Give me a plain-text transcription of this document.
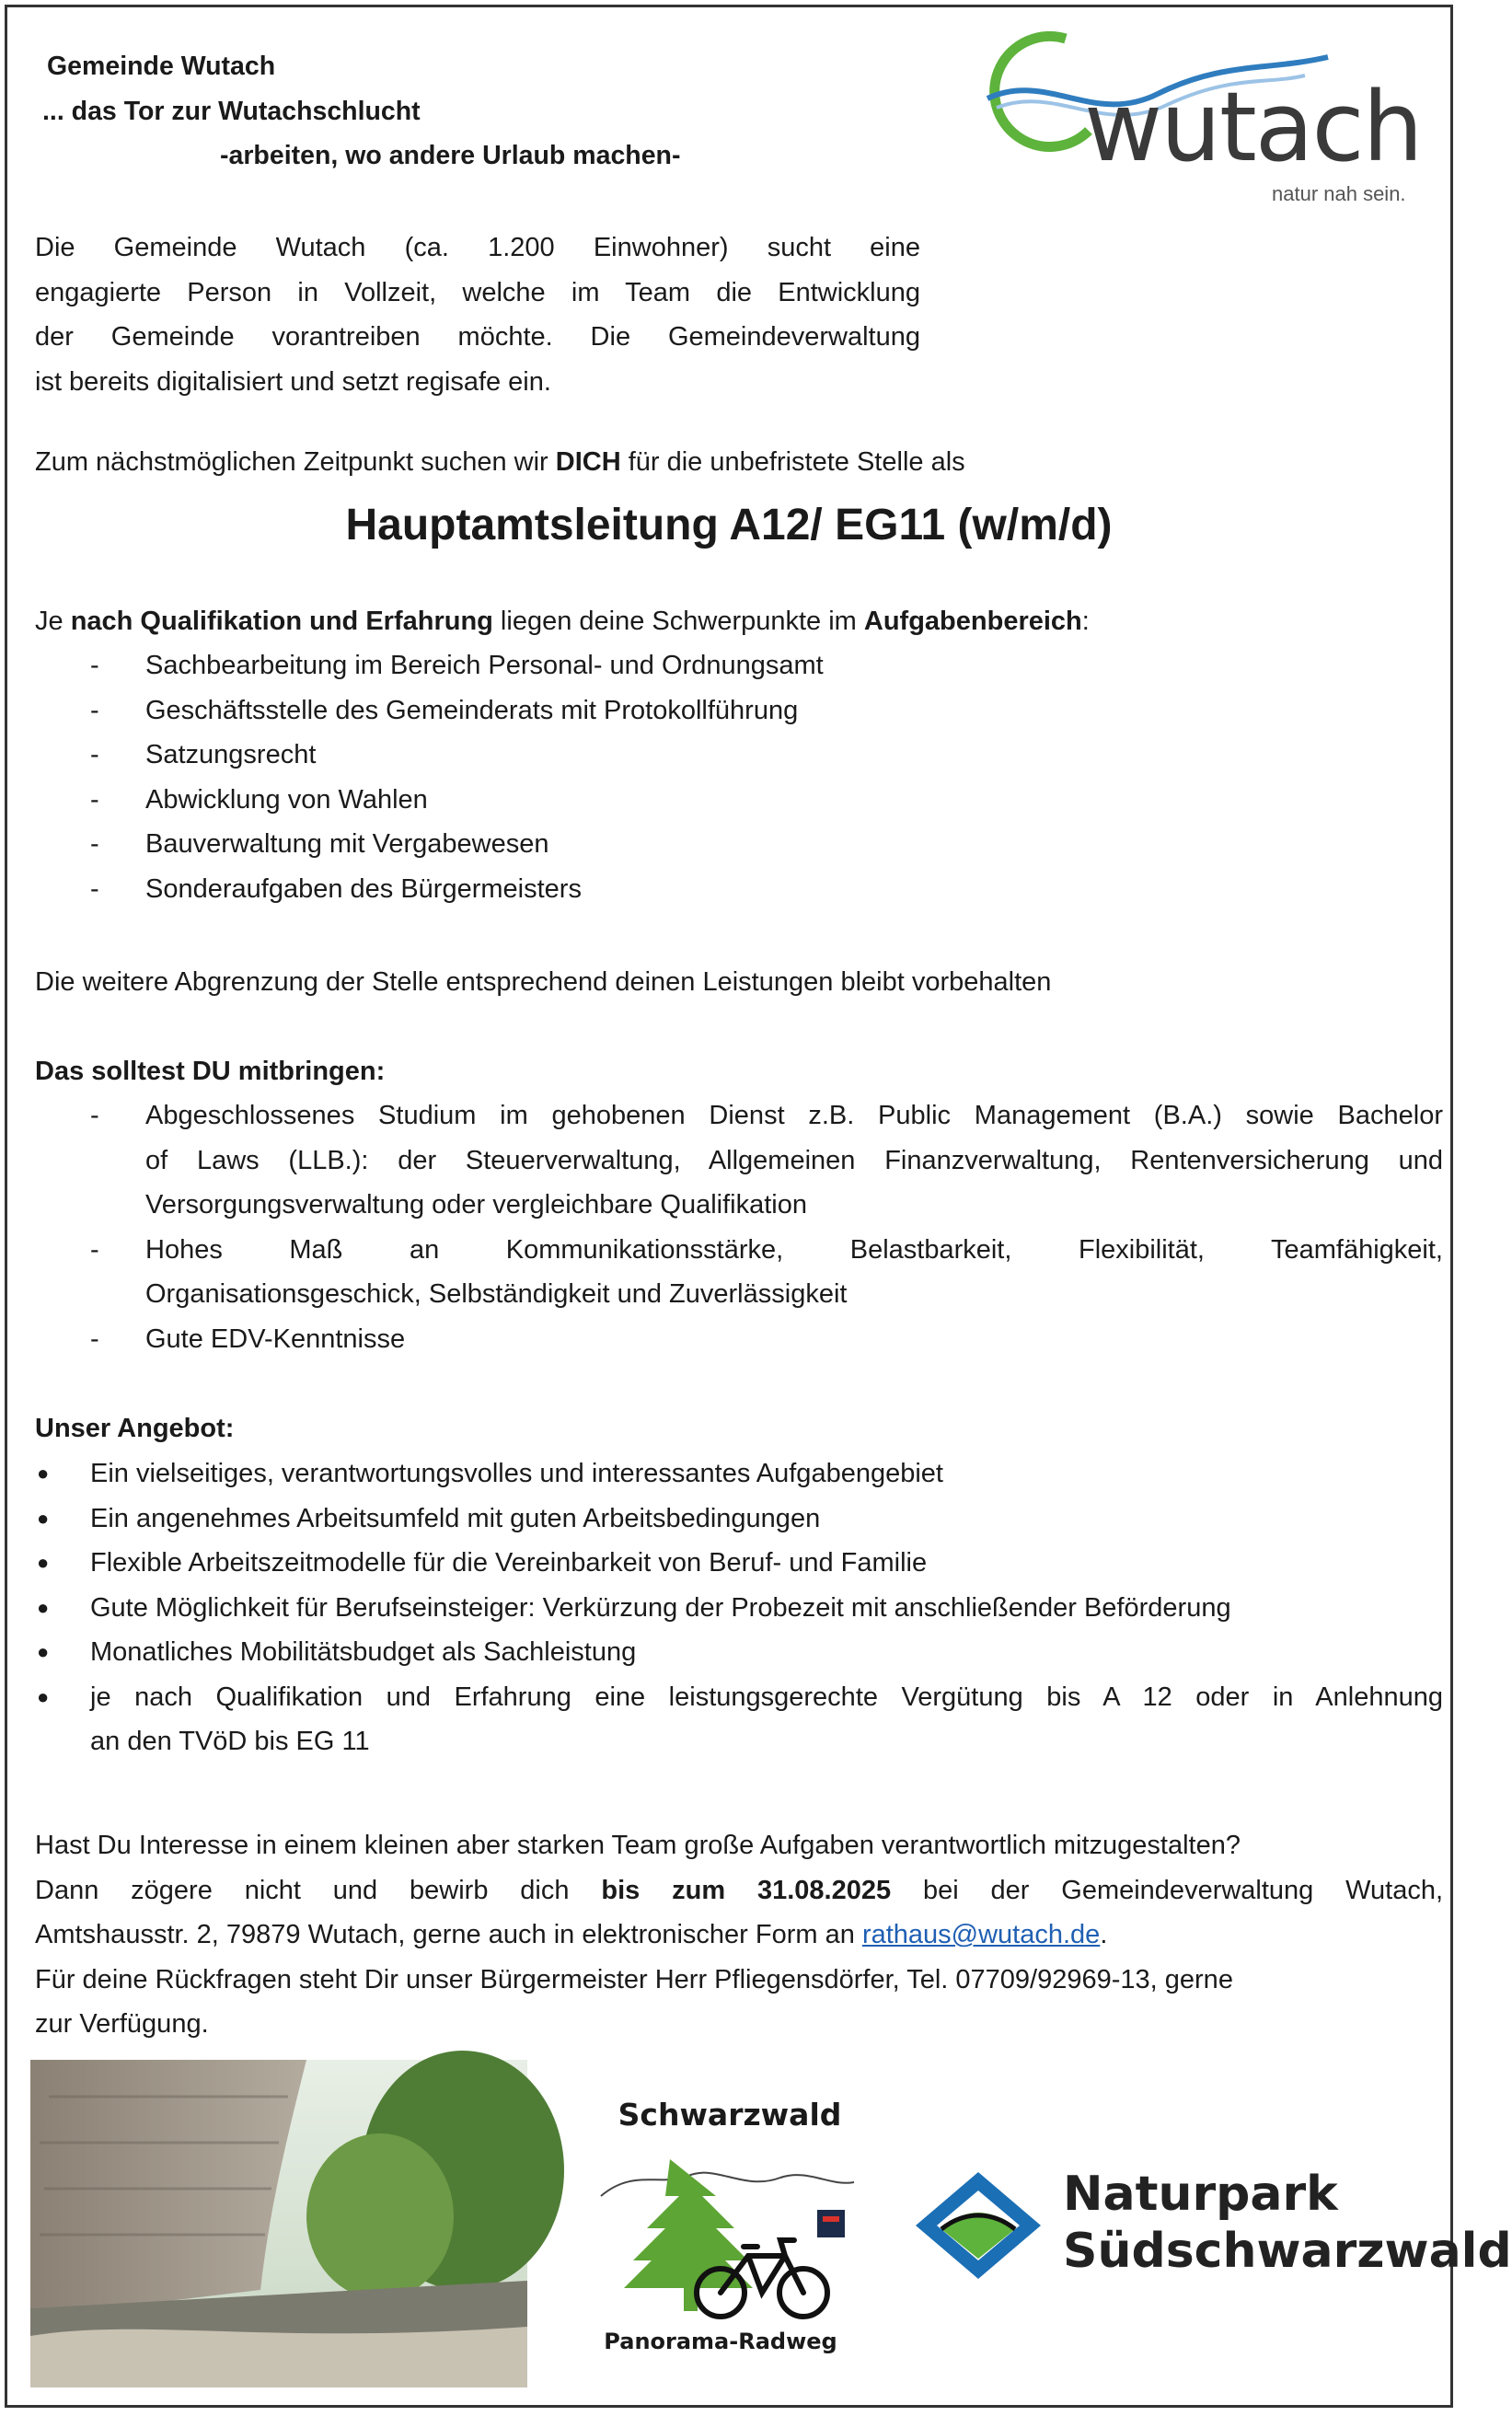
Gemeinde Wutach

... das Tor zur Wutachschlucht

-arbeiten, wo andere Urlaub machen-	wutach
natur nah sein.

Die Gemeinde Wutach (ca. 1.200 Einwohner) sucht eine

engagierte Person in Vollzeit, welche im Team die Entwicklung

der Gemeinde vorantreiben möchte. Die Gemeindeverwaltung

ist bereits digitalisiert und setzt regisafe ein.

Zum nächstmöglichen Zeitpunkt suchen wir DICH für die unbefristete Stelle als

Hauptamtsleitung A12/ EG11 (w/m/d)

Je nach Qualifikation und Erfahrung liegen deine Schwerpunkte im Aufgabenbereich:

- Sachbearbeitung im Bereich Personal- und Ordnungsamt
- Geschäftsstelle des Gemeinderats mit Protokollführung
- Satzungsrecht
- Abwicklung von Wahlen
- Bauverwaltung mit Vergabewesen
- Sonderaufgaben des Bürgermeisters

Die weitere Abgrenzung der Stelle entsprechend deinen Leistungen bleibt vorbehalten

Das solltest DU mitbringen:

- Abgeschlossenes Studium im gehobenen Dienst z.B. Public Management (B.A.) sowie Bachelor

of Laws (LLB.): der Steuerverwaltung, Allgemeinen Finanzverwaltung, Rentenversicherung und

Versorgungsverwaltung oder vergleichbare Qualifikation

- Hohes Maß an Kommunikationsstärke, Belastbarkeit, Flexibilität, Teamfähigkeit,

Organisationsgeschick, Selbständigkeit und Zuverlässigkeit

- Gute EDV-Kenntnisse

Unser Angebot:

● Ein vielseitiges, verantwortungsvolles und interessantes Aufgabengebiet
● Ein angenehmes Arbeitsumfeld mit guten Arbeitsbedingungen
● Flexible Arbeitszeitmodelle für die Vereinbarkeit von Beruf- und Familie
● Gute Möglichkeit für Berufseinsteiger: Verkürzung der Probezeit mit anschließender Beförderung
● Monatliches Mobilitätsbudget als Sachleistung
● je nach Qualifikation und Erfahrung eine leistungsgerechte Vergütung bis A 12 oder in Anlehnung
an den TVöD bis EG 11

Hast Du Interesse in einem kleinen aber starken Team große Aufgaben verantwortlich mitzugestalten?

Dann zögere nicht und bewirb dich bis zum 31.08.2025 bei der Gemeindeverwaltung Wutach,

Amtshausstr. 2, 79879 Wutach, gerne auch in elektronischer Form an rathaus@wutach.de.

Für deine Rückfragen steht Dir unser Bürgermeister Herr Pfliegensdörfer, Tel. 07709/92969-13, gerne

zur Verfügung.

Schwarzwald
Panorama-Radweg
Naturpark
Südschwarzwald
